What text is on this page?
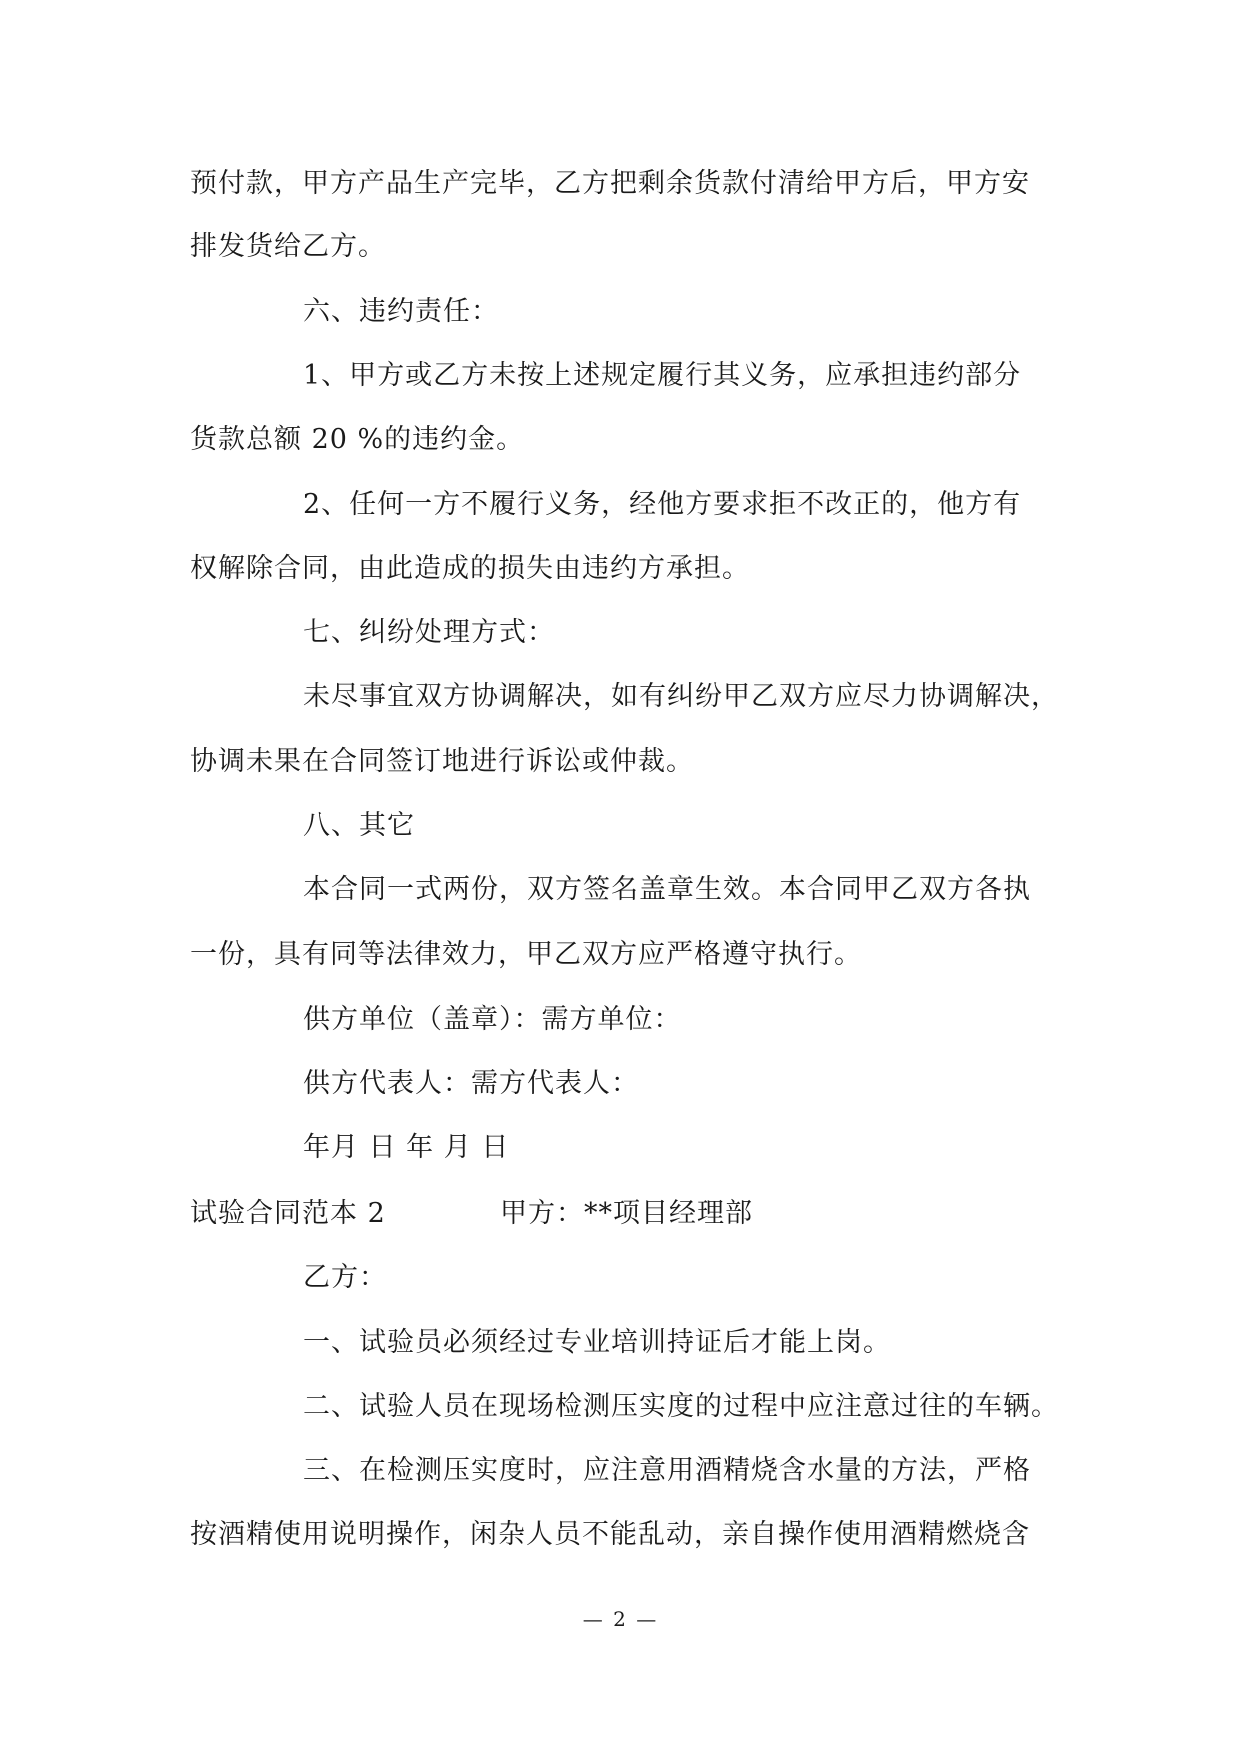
预付款，甲方产品生产完毕，乙方把剩余货款付清给甲方后，甲方安
排发货给乙方。
六、违约责任：
1、甲方或乙方未按上述规定履行其义务，应承担违约部分
货款总额 20 %的违约金。
2、任何一方不履行义务，经他方要求拒不改正的，他方有
权解除合同，由此造成的损失由违约方承担。
七、纠纷处理方式：
未尽事宜双方协调解决，如有纠纷甲乙双方应尽力协调解决，
协调未果在合同签订地进行诉讼或仲裁。
八、其它
本合同一式两份，双方签名盖章生效。本合同甲乙双方各执
一份，具有同等法律效力，甲乙双方应严格遵守执行。
供方单位（盖章）：需方单位：
供方代表人：需方代表人：
年月 日 年 月 日
试验合同范本 2	甲方：**项目经理部
乙方：
一、试验员必须经过专业培训持证后才能上岗。
二、试验人员在现场检测压实度的过程中应注意过往的车辆。
三、在检测压实度时，应注意用酒精烧含水量的方法，严格
按酒精使用说明操作，闲杂人员不能乱动，亲自操作使用酒精燃烧含
— 2 —
